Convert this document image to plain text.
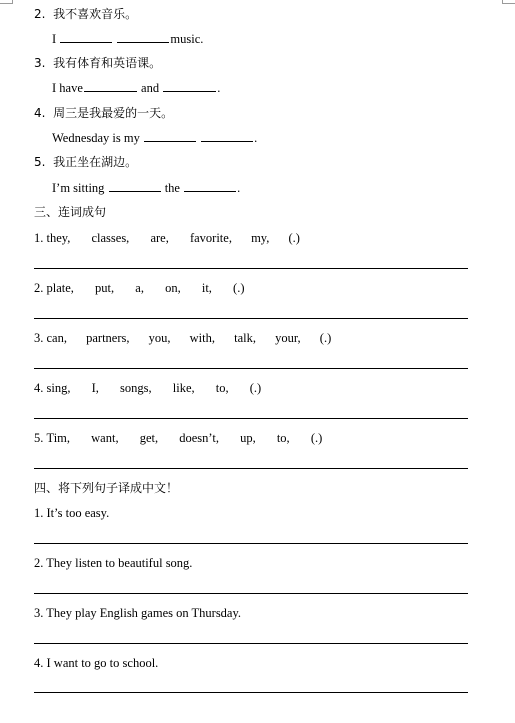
2. 我不喜欢音乐。
I	music.
3. 我有体育和英语课。
I have	and	.
4. 周三是我最爱的一天。
Wednesday is my	.
5. 我正坐在湖边。
I’m sitting	the	.
三、连词成句
1. they, classes, are, favorite, my, (.)
2. plate, put, a, on, it, (.)
3. can, partners, you, with, talk, your, (.)
4. sing, I, songs, like, to, (.)
5. Tim, want, get, doesn’t, up, to, (.)
四、将下列句子译成中文！
1. It’s too easy.
2. They listen to beautiful song.
3. They play English games on Thursday.
4. I want to go to school.
